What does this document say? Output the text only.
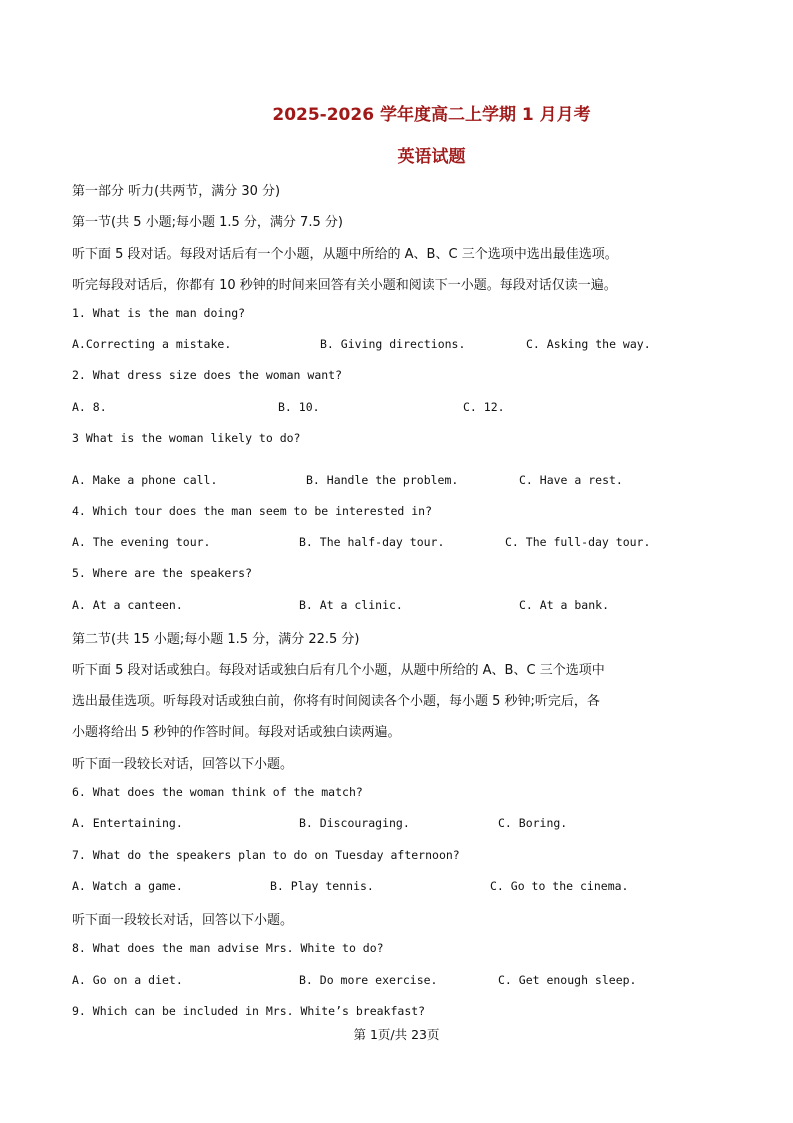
2025-2026 学年度高二上学期 1 月月考
英语试题
第一部分 听力(共两节，满分 30 分)
第一节(共 5 小题;每小题 1.5 分，满分 7.5 分)
听下面 5 段对话。每段对话后有一个小题，从题中所给的 A、B、C 三个选项中选出最佳选项。
听完每段对话后，你都有 10 秒钟的时间来回答有关小题和阅读下一小题。每段对话仅读一遍。
1. What is the man doing?
A.Correcting a mistake.	B. Giving directions.	C. Asking the way.
2. What dress size does the woman want?
A. 8.	B. 10.	C. 12.
3 What is the woman likely to do?
A. Make a phone call.	B. Handle the problem.	C. Have a rest.
4. Which tour does the man seem to be interested in?
A. The evening tour.	B. The half-day tour.	C. The full-day tour.
5. Where are the speakers?
A. At a canteen.	B. At a clinic.	C. At a bank.
第二节(共 15 小题;每小题 1.5 分，满分 22.5 分)
听下面 5 段对话或独白。每段对话或独白后有几个小题，从题中所给的 A、B、C 三个选项中
选出最佳选项。听每段对话或独白前，你将有时间阅读各个小题，每小题 5 秒钟;听完后，各
小题将给出 5 秒钟的作答时间。每段对话或独白读两遍。
听下面一段较长对话，回答以下小题。
6. What does the woman think of the match?
A. Entertaining.	B. Discouraging.	C. Boring.
7. What do the speakers plan to do on Tuesday afternoon?
A. Watch a game.	B. Play tennis.	C. Go to the cinema.
听下面一段较长对话，回答以下小题。
8. What does the man advise Mrs. White to do?
A. Go on a diet.	B. Do more exercise.	C. Get enough sleep.
9. Which can be included in Mrs. White’s breakfast?
第 1页/共 23页
